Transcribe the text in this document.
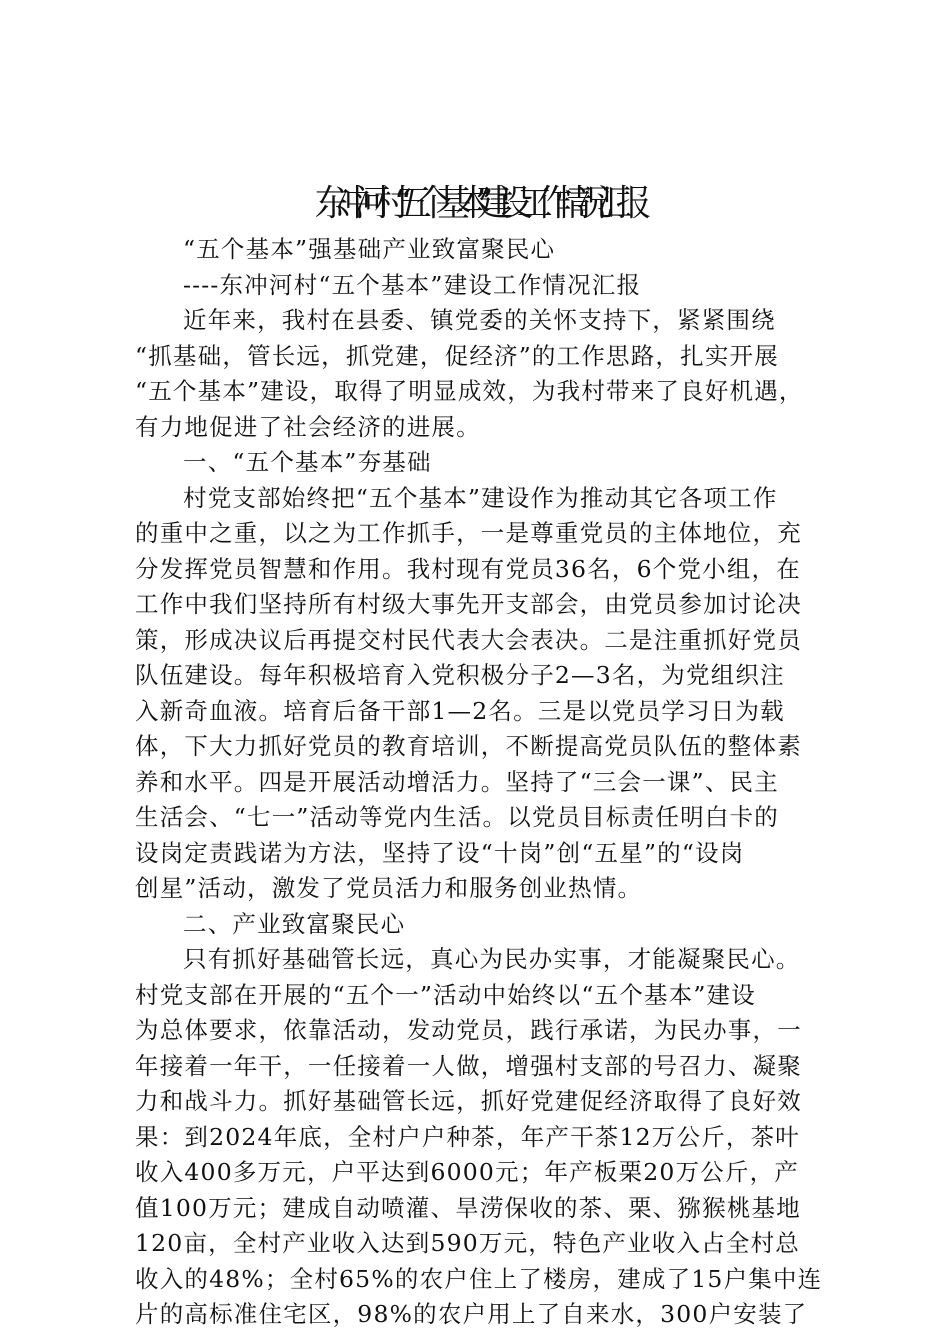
东冲河村“五个基本”建设工作情况汇报
“五个基本”强基础产业致富聚民心
----东冲河村“五个基本”建设工作情况汇报
近年来，我村在县委、镇党委的关怀支持下，紧紧围绕
“抓基础，管长远，抓党建，促经济”的工作思路，扎实开展
“五个基本”建设，取得了明显成效，为我村带来了良好机遇，
有力地促进了社会经济的进展。
一、“五个基本”夯基础
村党支部始终把“五个基本”建设作为推动其它各项工作
的重中之重，以之为工作抓手，一是尊重党员的主体地位，充
分发挥党员智慧和作用。我村现有党员36名，6个党小组，在
工作中我们坚持所有村级大事先开支部会，由党员参加讨论决
策，形成决议后再提交村民代表大会表决。二是注重抓好党员
队伍建设。每年积极培育入党积极分子2—3名，为党组织注
入新奇血液。培育后备干部1—2名。三是以党员学习日为载
体，下大力抓好党员的教育培训，不断提高党员队伍的整体素
养和水平。四是开展活动增活力。坚持了“三会一课”、民主
生活会、“七一”活动等党内生活。以党员目标责任明白卡的
设岗定责践诺为方法，坚持了设“十岗”创“五星”的“设岗
创星”活动，激发了党员活力和服务创业热情。
二、产业致富聚民心
只有抓好基础管长远，真心为民办实事，才能凝聚民心。
村党支部在开展的“五个一”活动中始终以“五个基本”建设
为总体要求，依靠活动，发动党员，践行承诺，为民办事，一
年接着一年干，一任接着一人做，增强村支部的号召力、凝聚
力和战斗力。抓好基础管长远，抓好党建促经济取得了良好效
果：到2024年底，全村户户种茶，年产干茶12万公斤，茶叶
收入400多万元，户平达到6000元；年产板栗20万公斤，产
值100万元；建成自动喷灌、旱涝保收的茶、栗、猕猴桃基地
120亩，全村产业收入达到590万元，特色产业收入占全村总
收入的48%；全村65%的农户住上了楼房，建成了15户集中连
片的高标准住宅区，98%的农户用上了自来水，300户安装了
